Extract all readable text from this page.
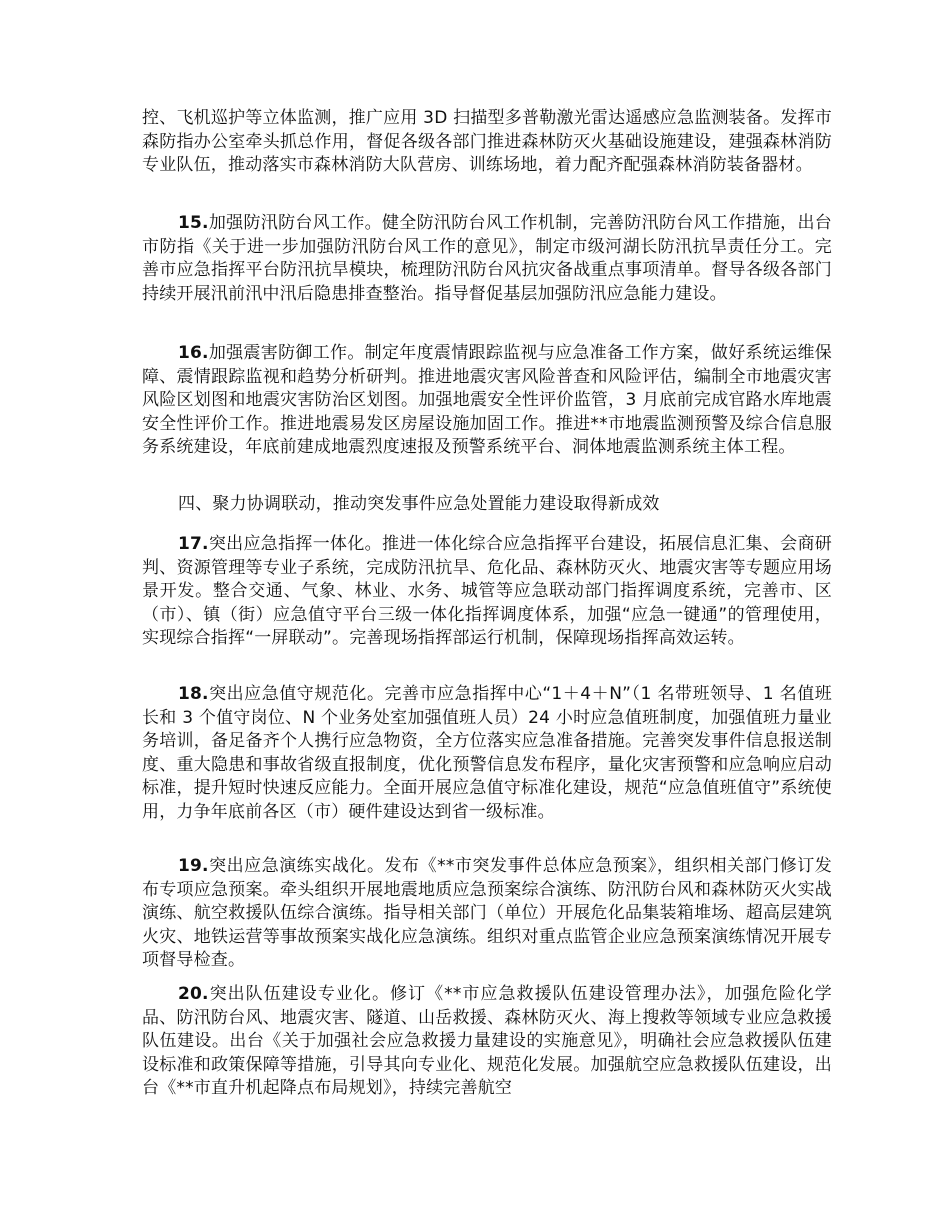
控、飞机巡护等立体监测，推广应用 3D 扫描型多普勒激光雷达遥感应急监测装备。发挥市森防指办公室牵头抓总作用，督促各级各部门推进森林防灭火基础设施建设，建强森林消防专业队伍，推动落实市森林消防大队营房、训练场地，着力配齐配强森林消防装备器材。

15.加强防汛防台风工作。健全防汛防台风工作机制，完善防汛防台风工作措施，出台市防指《关于进一步加强防汛防台风工作的意见》，制定市级河湖长防汛抗旱责任分工。完善市应急指挥平台防汛抗旱模块，梳理防汛防台风抗灾备战重点事项清单。督导各级各部门持续开展汛前汛中汛后隐患排查整治。指导督促基层加强防汛应急能力建设。

16.加强震害防御工作。制定年度震情跟踪监视与应急准备工作方案，做好系统运维保障、震情跟踪监视和趋势分析研判。推进地震灾害风险普查和风险评估，编制全市地震灾害风险区划图和地震灾害防治区划图。加强地震安全性评价监管，3 月底前完成官路水库地震安全性评价工作。推进地震易发区房屋设施加固工作。推进**市地震监测预警及综合信息服务系统建设，年底前建成地震烈度速报及预警系统平台、洞体地震监测系统主体工程。

四、聚力协调联动，推动突发事件应急处置能力建设取得新成效

17.突出应急指挥一体化。推进一体化综合应急指挥平台建设，拓展信息汇集、会商研判、资源管理等专业子系统，完成防汛抗旱、危化品、森林防灭火、地震灾害等专题应用场景开发。整合交通、气象、林业、水务、城管等应急联动部门指挥调度系统，完善市、区（市）、镇（街）应急值守平台三级一体化指挥调度体系，加强“应急一键通”的管理使用，实现综合指挥“一屏联动”。完善现场指挥部运行机制，保障现场指挥高效运转。

18.突出应急值守规范化。完善市应急指挥中心“1＋4＋N”（1 名带班领导、1 名值班长和 3 个值守岗位、N 个业务处室加强值班人员）24 小时应急值班制度，加强值班力量业务培训，备足备齐个人携行应急物资，全方位落实应急准备措施。完善突发事件信息报送制度、重大隐患和事故省级直报制度，优化预警信息发布程序，量化灾害预警和应急响应启动标准，提升短时快速反应能力。全面开展应急值守标准化建设，规范“应急值班值守”系统使用，力争年底前各区（市）硬件建设达到省一级标准。

19.突出应急演练实战化。发布《**市突发事件总体应急预案》，组织相关部门修订发布专项应急预案。牵头组织开展地震地质应急预案综合演练、防汛防台风和森林防灭火实战演练、航空救援队伍综合演练。指导相关部门（单位）开展危化品集装箱堆场、超高层建筑火灾、地铁运营等事故预案实战化应急演练。组织对重点监管企业应急预案演练情况开展专项督导检查。

20.突出队伍建设专业化。修订《**市应急救援队伍建设管理办法》，加强危险化学品、防汛防台风、地震灾害、隧道、山岳救援、森林防灭火、海上搜救等领域专业应急救援队伍建设。出台《关于加强社会应急救援力量建设的实施意见》，明确社会应急救援队伍建设标准和政策保障等措施，引导其向专业化、规范化发展。加强航空应急救援队伍建设，出台《**市直升机起降点布局规划》，持续完善航空
